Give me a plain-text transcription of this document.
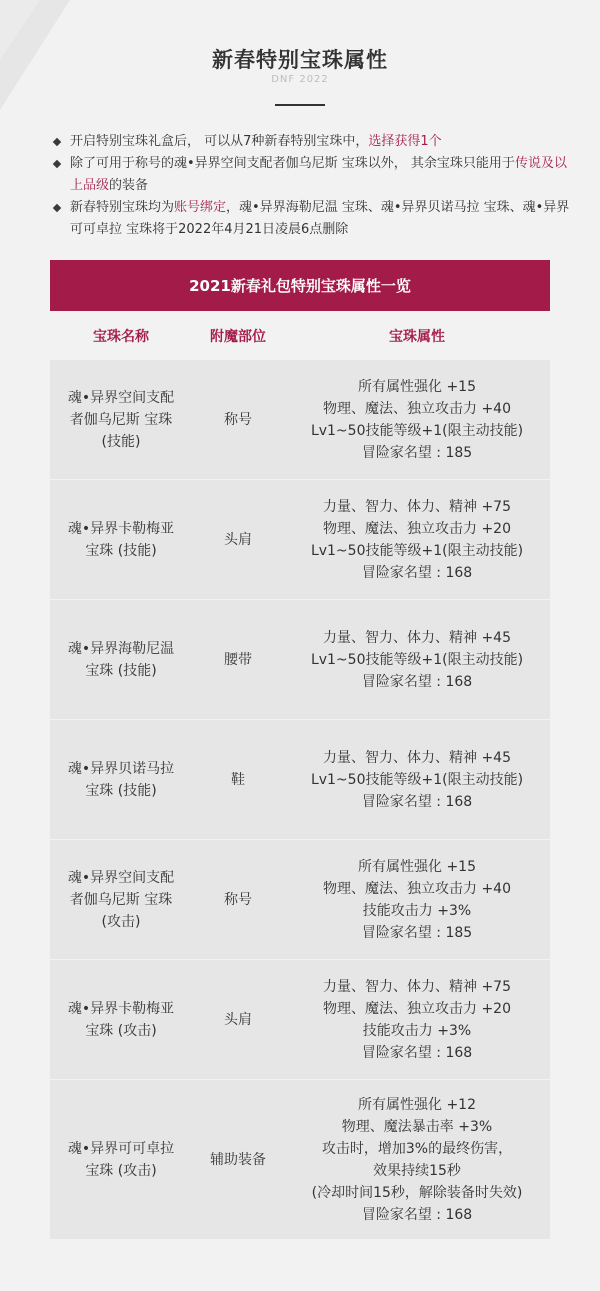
新春特别宝珠属性
DNF 2022
开启特别宝珠礼盒后， 可以从7种新春特别宝珠中，选择获得1个
除了可用于称号的魂•异界空间支配者伽乌尼斯 宝珠以外， 其余宝珠只能用于传说及以上品级的装备
新春特别宝珠均为账号绑定，魂•异界海勒尼温 宝珠、魂•异界贝诺马拉 宝珠、魂•异界可可卓拉 宝珠将于2022年4月21日凌晨6点删除
2021新春礼包特别宝珠属性一览
宝珠名称	附魔部位	宝珠属性
魂•异界空间支配
者伽乌尼斯 宝珠
(技能)
称号
所有属性强化 +15
物理、魔法、独立攻击力 +40
Lv1~50技能等级+1(限主动技能)
冒险家名望 : 185
魂•异界卡勒梅亚
宝珠 (技能)
头肩
力量、智力、体力、精神 +75
物理、魔法、独立攻击力 +20
Lv1~50技能等级+1(限主动技能)
冒险家名望 : 168
魂•异界海勒尼温
宝珠 (技能)
腰带
力量、智力、体力、精神 +45
Lv1~50技能等级+1(限主动技能)
冒险家名望 : 168
魂•异界贝诺马拉
宝珠 (技能)
鞋
力量、智力、体力、精神 +45
Lv1~50技能等级+1(限主动技能)
冒险家名望 : 168
魂•异界空间支配
者伽乌尼斯 宝珠
(攻击)
称号
所有属性强化 +15
物理、魔法、独立攻击力 +40
技能攻击力 +3%
冒险家名望 : 185
魂•异界卡勒梅亚
宝珠 (攻击)
头肩
力量、智力、体力、精神 +75
物理、魔法、独立攻击力 +20
技能攻击力 +3%
冒险家名望 : 168
魂•异界可可卓拉
宝珠 (攻击)
辅助装备
所有属性强化 +12
物理、魔法暴击率 +3%
攻击时，增加3%的最终伤害，
效果持续15秒
(冷却时间15秒，解除装备时失效)
冒险家名望 : 168
